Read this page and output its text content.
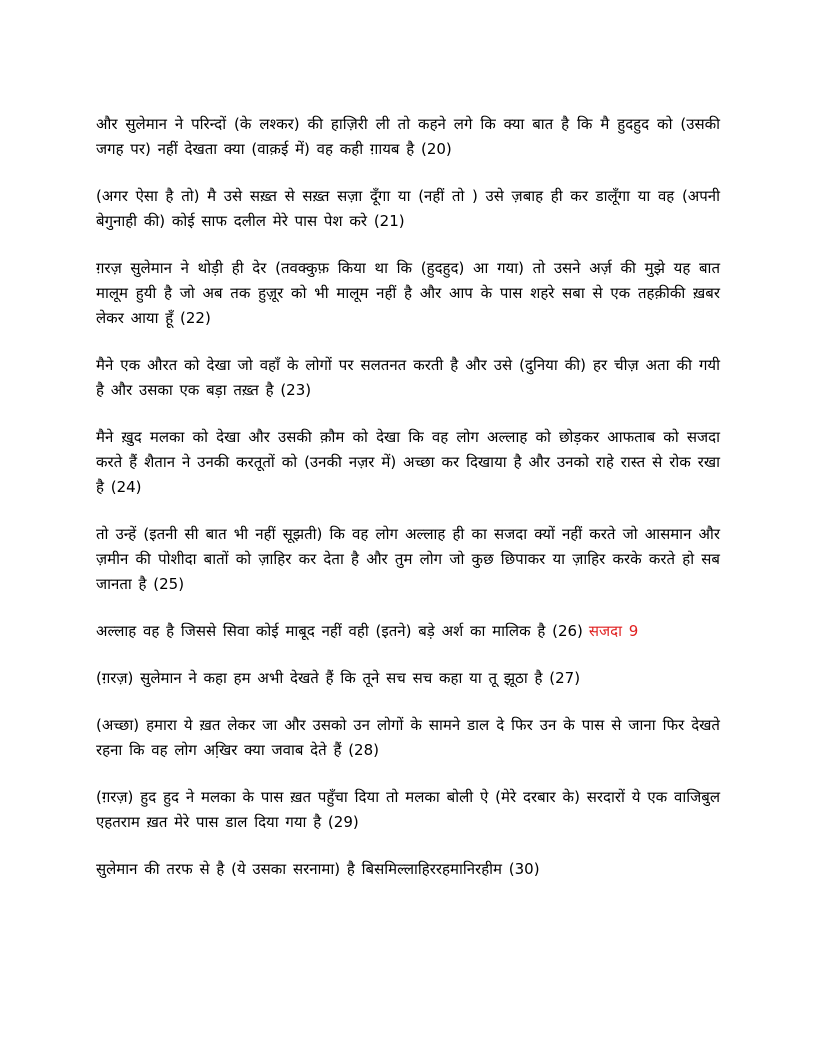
और सुलेमान ने परिन्दों (के लश्कर) की हाज़िरी ली तो कहने लगे कि क्या बात है कि मै हुदहुद को (उसकी जगह पर) नहीं देखता क्या (वाक़ई में) वह कही ग़ायब है (20)

(अगर ऐसा है तो) मै उसे सख़्त से सख़्त सज़ा दूँगा या (नहीं तो ) उसे ज़बाह ही कर डालूँगा या वह (अपनी बेगुनाही की) कोई साफ दलील मेरे पास पेश करे (21)

ग़रज़ सुलेमान ने थोड़ी ही देर (तवक्कुफ़ किया था कि (हुदहुद) आ गया) तो उसने अर्ज़ की मुझे यह बात मालूम हुयी है जो अब तक हुजू़र को भी मालूम नहीं है और आप के पास शहरे सबा से एक तहक़ीकी ख़बर लेकर आया हूँ (22)

मैने एक औरत को देखा जो वहाँ के लोगों पर सलतनत करती है और उसे (दुनिया की) हर चीज़ अता की गयी है और उसका एक बड़ा तख़्त है (23)

मैने ख़ुद मलका को देखा और उसकी क़ौम को देखा कि वह लोग अल्लाह को छोड़कर आफताब को सजदा करते हैं शैतान ने उनकी करतूतों को (उनकी नज़र में) अच्छा कर दिखाया है और उनको राहे रास्त से रोक रखा है (24)

तो उन्हें (इतनी सी बात भी नहीं सूझती) कि वह लोग अल्लाह ही का सजदा क्यों नहीं करते जो आसमान और ज़मीन की पोशीदा बातों को ज़ाहिर कर देता है और तुम लोग जो कुछ छिपाकर या ज़ाहिर करके करते हो सब जानता है (25)

अल्लाह वह है जिससे सिवा कोई माबूद नहीं वही (इतने) बड़े अर्श का मालिक है (26) सजदा 9

(ग़रज़) सुलेमान ने कहा हम अभी देखते हैं कि तूने सच सच कहा या तू झूठा है (27)

(अच्छा) हमारा ये ख़त लेकर जा और उसको उन लोगों के सामने डाल दे फिर उन के पास से जाना फिर देखते रहना कि वह लोग अखि़र क्या जवाब देते हैं (28)

(ग़रज़) हुद हुद ने मलका के पास ख़त पहुँचा दिया तो मलका बोली ऐ (मेरे दरबार के) सरदारों ये एक वाजिबुल एहतराम ख़त मेरे पास डाल दिया गया है (29)

सुलेमान की तरफ से है (ये उसका सरनामा) है बिसमिल्लाहिररहमानिरहीम (30)
